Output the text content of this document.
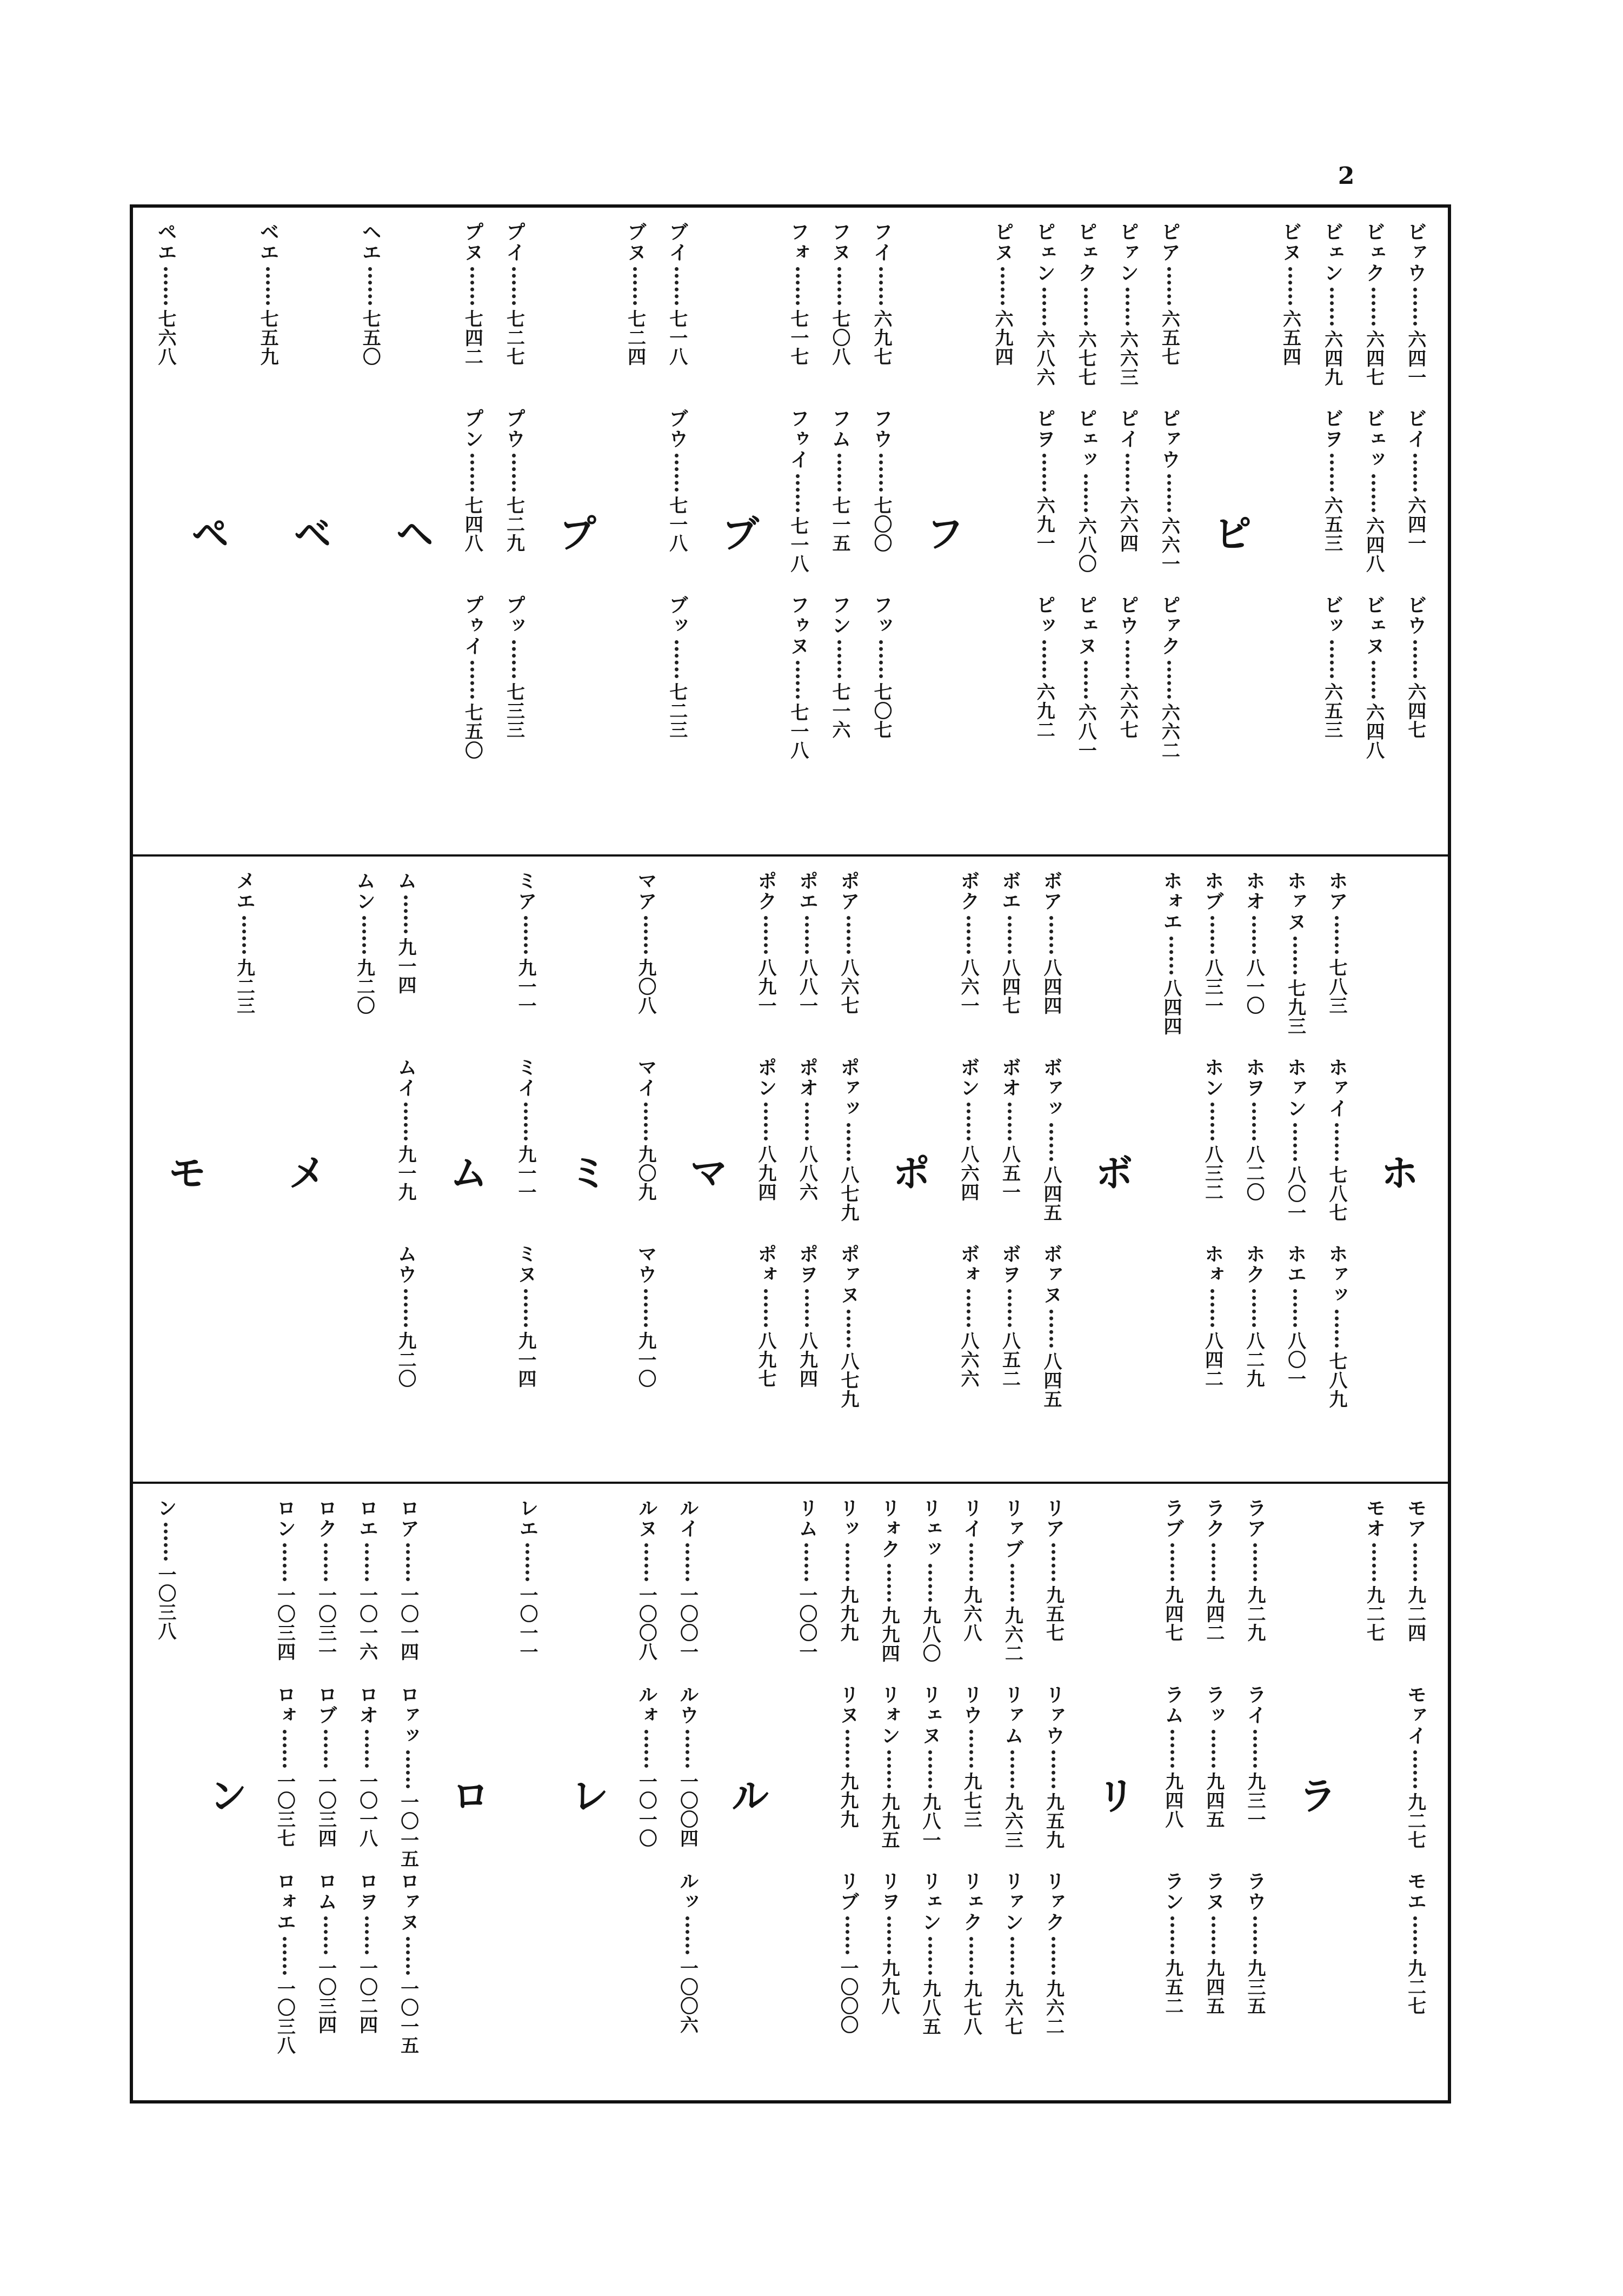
2
ビァウ
六四一
ビイ
六四一
ビウ
六四七
ビェク
六四七
ビェッ
六四八
ビェヌ
六四八
ビェン
六四九
ビヲ
六五三
ビッ
六五三
ビヌ
六五四
ピ
ピア
六五七
ピァウ
六六一
ピァク
六六二
ピァン
六六三
ピイ
六六四
ピウ
六六七
ピェク
六七七
ピェッ
六八〇
ピェヌ
六八一
ピェン
六八六
ピヲ
六九一
ピッ
六九二
ピヌ
六九四
フ
フイ
六九七
フウ
七〇〇
フッ
七〇七
フヌ
七〇八
フム
七一五
フン
七一六
フォ
七一七
フゥイ
七一八
フゥヌ
七一八
ブ
ブイ
七一八
ブウ
七一八
ブッ
七二三
ブヌ
七二四
プ
プイ
七二七
プウ
七二九
プッ
七三三
プヌ
七四二
プン
七四八
プゥイ
七五〇
ヘ
ヘエ
七五〇
ベ
ベエ
七五九
ペ
ペエ
七六八
ホ
ホア
七八三
ホァイ
七八七
ホァッ
七八九
ホァヌ
七九三
ホァン
八〇一
ホエ
八〇一
ホオ
八一〇
ホヲ
八二〇
ホク
八二九
ホブ
八三一
ホン
八三二
ホォ
八四二
ホォエ
八四四
ボ
ボア
八四四
ボァッ
八四五
ボァヌ
八四五
ボエ
八四七
ボオ
八五一
ボヲ
八五二
ボク
八六一
ボン
八六四
ボォ
八六六
ポ
ポア
八六七
ポァッ
八七九
ポァヌ
八七九
ポエ
八八一
ポオ
八八六
ポヲ
八九四
ポク
八九一
ポン
八九四
ポォ
八九七
マ
マア
九〇八
マイ
九〇九
マウ
九一〇
ミ
ミア
九一一
ミイ
九一一
ミヌ
九一四
ム
ム
九一四
ムイ
九一九
ムウ
九二〇
ムン
九二〇
メ
メエ
九二三
モ
モア
九二四
モァイ
九二七
モエ
九二七
モオ
九二七
ラ
ラア
九二九
ライ
九三一
ラウ
九三五
ラク
九四二
ラッ
九四五
ラヌ
九四五
ラブ
九四七
ラム
九四八
ラン
九五二
リ
リア
九五七
リァウ
九五九
リァク
九六二
リァブ
九六二
リァム
九六三
リァン
九六七
リイ
九六八
リウ
九七三
リェク
九七八
リェッ
九八〇
リェヌ
九八一
リェン
九八五
リォク
九九四
リォン
九九五
リヲ
九九八
リッ
九九九
リヌ
九九九
リブ
一〇〇〇
リム
一〇〇一
ル
ルイ
一〇〇一
ルウ
一〇〇四
ルッ
一〇〇六
ルヌ
一〇〇八
ルォ
一〇一〇
レ
レエ
一〇一一
ロ
ロア
一〇一四
ロァッ
一〇一五
ロァヌ
一〇一五
ロエ
一〇一六
ロオ
一〇一八
ロヲ
一〇二四
ロク
一〇三一
ロブ
一〇三四
ロム
一〇三四
ロン
一〇三四
ロォ
一〇三七
ロォエ
一〇三八
ン
ン
一〇三八
